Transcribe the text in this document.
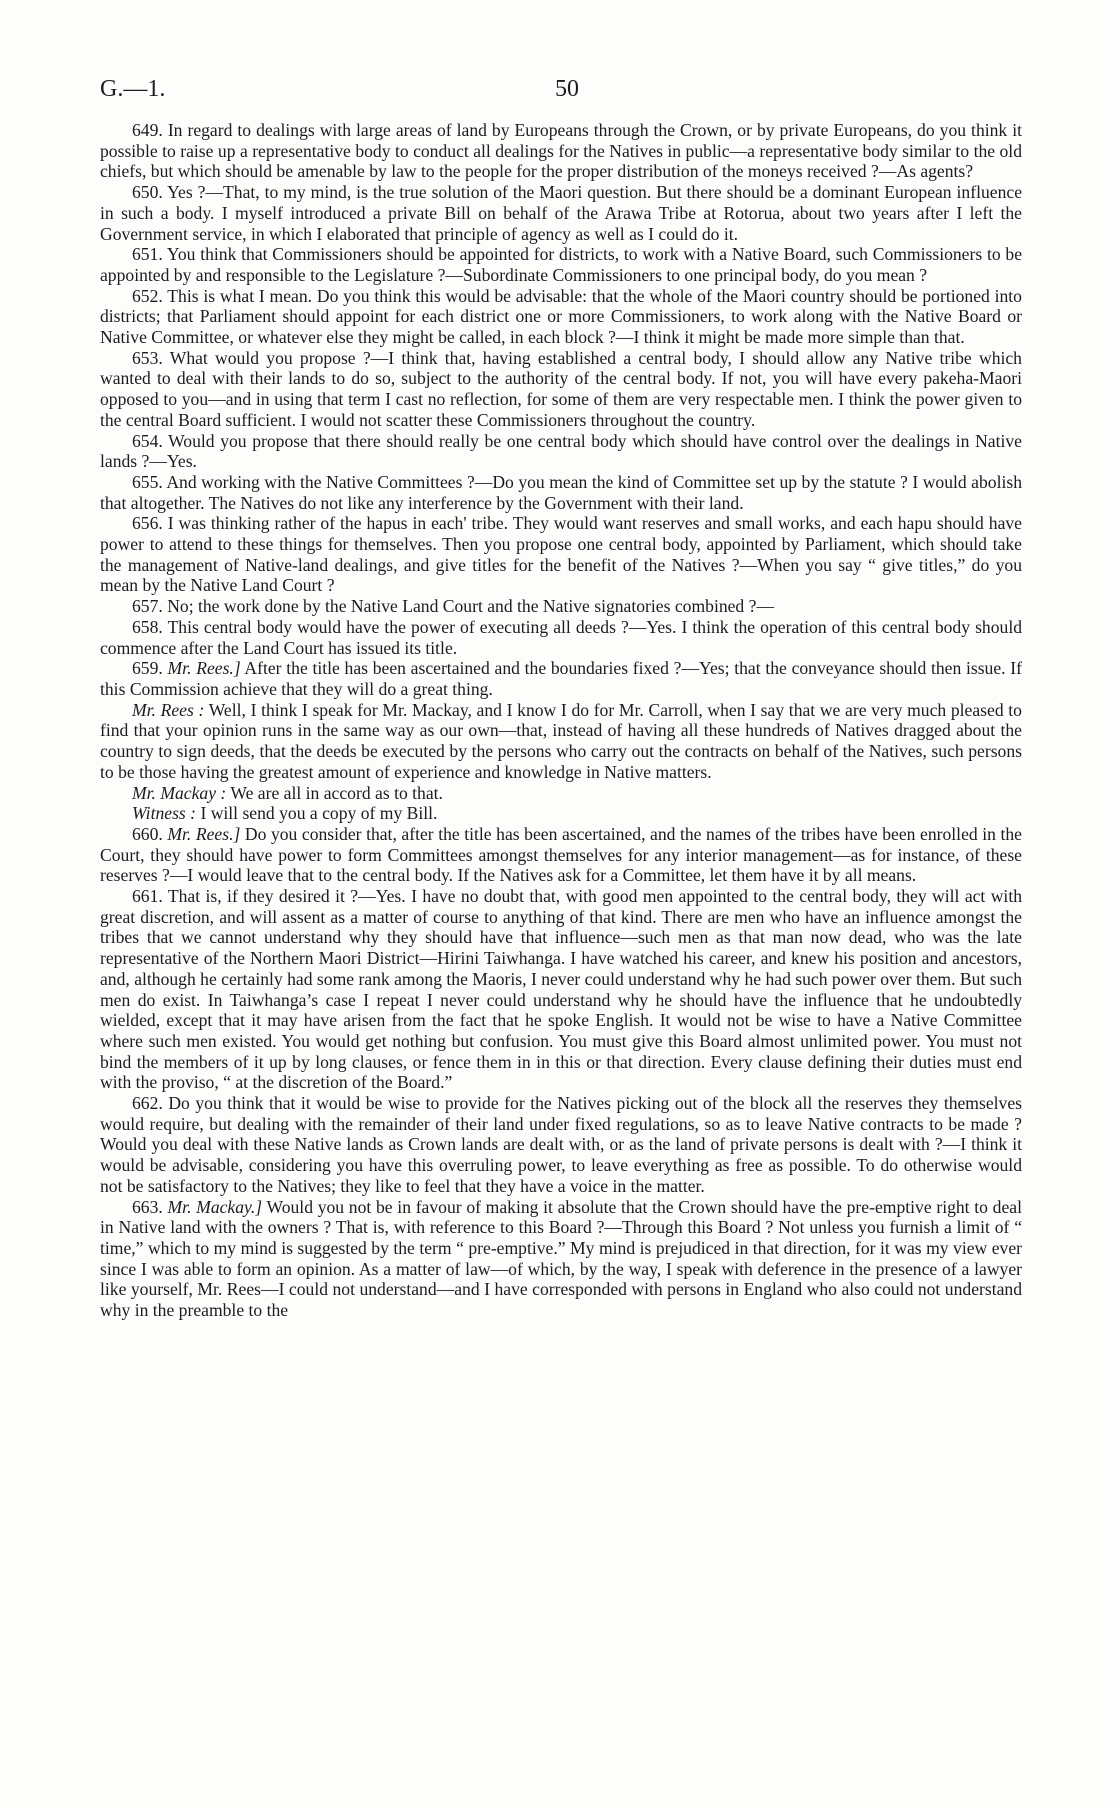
G.—1.	50

649. In regard to dealings with large areas of land by Europeans through the Crown, or by private Europeans, do you think it possible to raise up a representative body to conduct all dealings for the Natives in public—a representative body similar to the old chiefs, but which should be amenable by law to the people for the proper distribution of the moneys received ?—As agents?

650. Yes ?—That, to my mind, is the true solution of the Maori question. But there should be a dominant European influence in such a body. I myself introduced a private Bill on behalf of the Arawa Tribe at Rotorua, about two years after I left the Government service, in which I elaborated that principle of agency as well as I could do it.

651. You think that Commissioners should be appointed for districts, to work with a Native Board, such Commissioners to be appointed by and responsible to the Legislature ?—Subordinate Commissioners to one principal body, do you mean ?

652. This is what I mean. Do you think this would be advisable: that the whole of the Maori country should be portioned into districts; that Parliament should appoint for each district one or more Commissioners, to work along with the Native Board or Native Committee, or whatever else they might be called, in each block ?—I think it might be made more simple than that.

653. What would you propose ?—I think that, having established a central body, I should allow any Native tribe which wanted to deal with their lands to do so, subject to the authority of the central body. If not, you will have every pakeha-Maori opposed to you—and in using that term I cast no reflection, for some of them are very respectable men. I think the power given to the central Board sufficient. I would not scatter these Commissioners throughout the country.

654. Would you propose that there should really be one central body which should have control over the dealings in Native lands ?—Yes.

655. And working with the Native Committees ?—Do you mean the kind of Committee set up by the statute ? I would abolish that altogether. The Natives do not like any interference by the Government with their land.

656. I was thinking rather of the hapus in each' tribe. They would want reserves and small works, and each hapu should have power to attend to these things for themselves. Then you propose one central body, appointed by Parliament, which should take the management of Native-land dealings, and give titles for the benefit of the Natives ?—When you say “ give titles,” do you mean by the Native Land Court ?

657. No; the work done by the Native Land Court and the Native signatories combined ?—

658. This central body would have the power of executing all deeds ?—Yes. I think the operation of this central body should commence after the Land Court has issued its title.

659. Mr. Rees.] After the title has been ascertained and the boundaries fixed ?—Yes; that the conveyance should then issue. If this Commission achieve that they will do a great thing.

Mr. Rees : Well, I think I speak for Mr. Mackay, and I know I do for Mr. Carroll, when I say that we are very much pleased to find that your opinion runs in the same way as our own—that, instead of having all these hundreds of Natives dragged about the country to sign deeds, that the deeds be executed by the persons who carry out the contracts on behalf of the Natives, such persons to be those having the greatest amount of experience and knowledge in Native matters.

Mr. Mackay : We are all in accord as to that.

Witness : I will send you a copy of my Bill.

660. Mr. Rees.] Do you consider that, after the title has been ascertained, and the names of the tribes have been enrolled in the Court, they should have power to form Committees amongst themselves for any interior management—as for instance, of these reserves ?—I would leave that to the central body. If the Natives ask for a Committee, let them have it by all means.

661. That is, if they desired it ?—Yes. I have no doubt that, with good men appointed to the central body, they will act with great discretion, and will assent as a matter of course to anything of that kind. There are men who have an influence amongst the tribes that we cannot understand why they should have that influence—such men as that man now dead, who was the late representative of the Northern Maori District—Hirini Taiwhanga. I have watched his career, and knew his position and ancestors, and, although he certainly had some rank among the Maoris, I never could understand why he had such power over them. But such men do exist. In Taiwhanga’s case I repeat I never could understand why he should have the influence that he undoubtedly wielded, except that it may have arisen from the fact that he spoke English. It would not be wise to have a Native Committee where such men existed. You would get nothing but confusion. You must give this Board almost unlimited power. You must not bind the members of it up by long clauses, or fence them in in this or that direction. Every clause defining their duties must end with the proviso, “ at the discretion of the Board.”

662. Do you think that it would be wise to provide for the Natives picking out of the block all the reserves they themselves would require, but dealing with the remainder of their land under fixed regulations, so as to leave Native contracts to be made ? Would you deal with these Native lands as Crown lands are dealt with, or as the land of private persons is dealt with ?—I think it would be advisable, considering you have this overruling power, to leave everything as free as possible. To do otherwise would not be satisfactory to the Natives; they like to feel that they have a voice in the matter.

663. Mr. Mackay.] Would you not be in favour of making it absolute that the Crown should have the pre-emptive right to deal in Native land with the owners ? That is, with reference to this Board ?—Through this Board ? Not unless you furnish a limit of “ time,” which to my mind is suggested by the term “ pre-emptive.” My mind is prejudiced in that direction, for it was my view ever since I was able to form an opinion. As a matter of law—of which, by the way, I speak with deference in the presence of a lawyer like yourself, Mr. Rees—I could not understand—and I have corresponded with persons in England who also could not understand why in the preamble to the
